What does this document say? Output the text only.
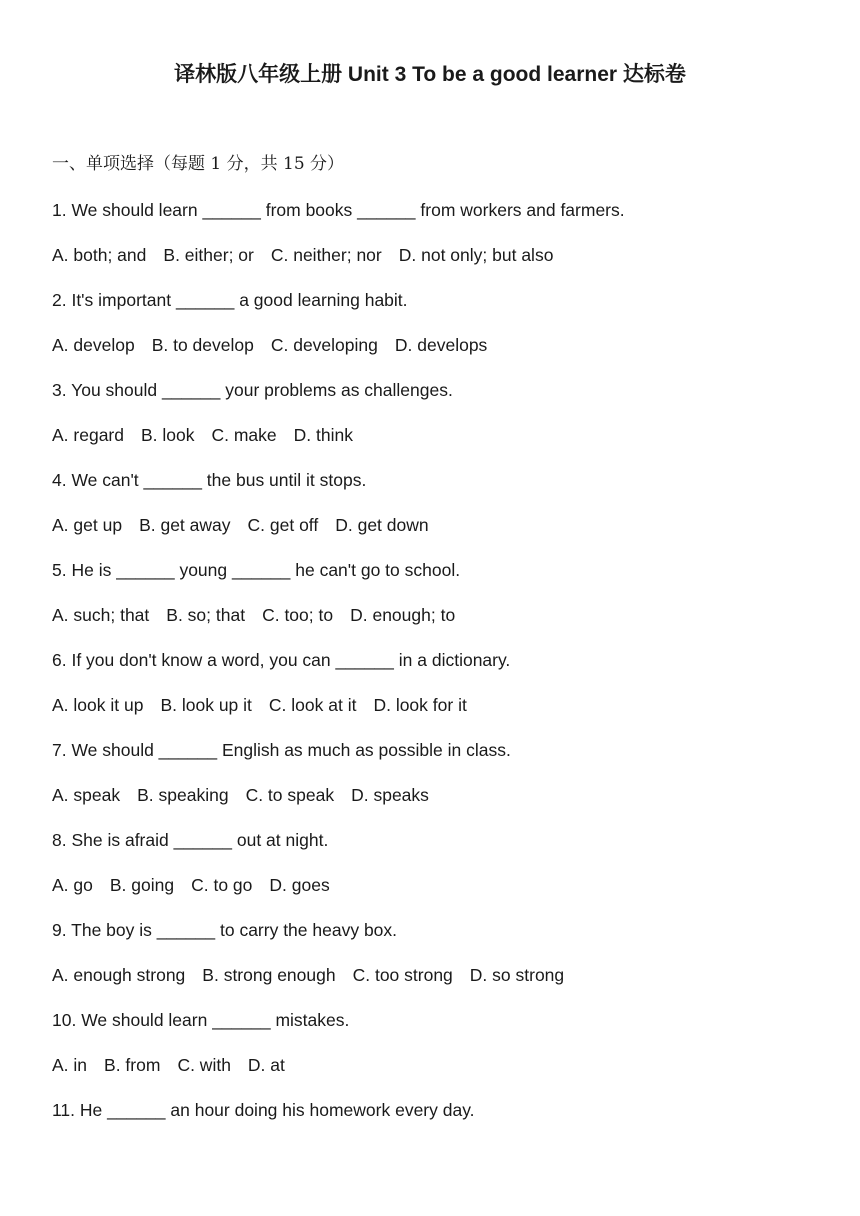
译林版八年级上册 Unit 3 To be a good learner 达标卷
一、单项选择（每题 1 分，共 15 分）
1. We should learn ______ from books ______ from workers and farmers.
A. both; and B. either; or C. neither; nor D. not only; but also
2. It's important ______ a good learning habit.
A. develop B. to develop C. developing D. develops
3. You should ______ your problems as challenges.
A. regard B. look C. make D. think
4. We can't ______ the bus until it stops.
A. get up B. get away C. get off D. get down
5. He is ______ young ______ he can't go to school.
A. such; that B. so; that C. too; to D. enough; to
6. If you don't know a word, you can ______ in a dictionary.
A. look it up B. look up it C. look at it D. look for it
7. We should ______ English as much as possible in class.
A. speak B. speaking C. to speak D. speaks
8. She is afraid ______ out at night.
A. go B. going C. to go D. goes
9. The boy is ______ to carry the heavy box.
A. enough strong B. strong enough C. too strong D. so strong
10. We should learn ______ mistakes.
A. in B. from C. with D. at
11. He ______ an hour doing his homework every day.
